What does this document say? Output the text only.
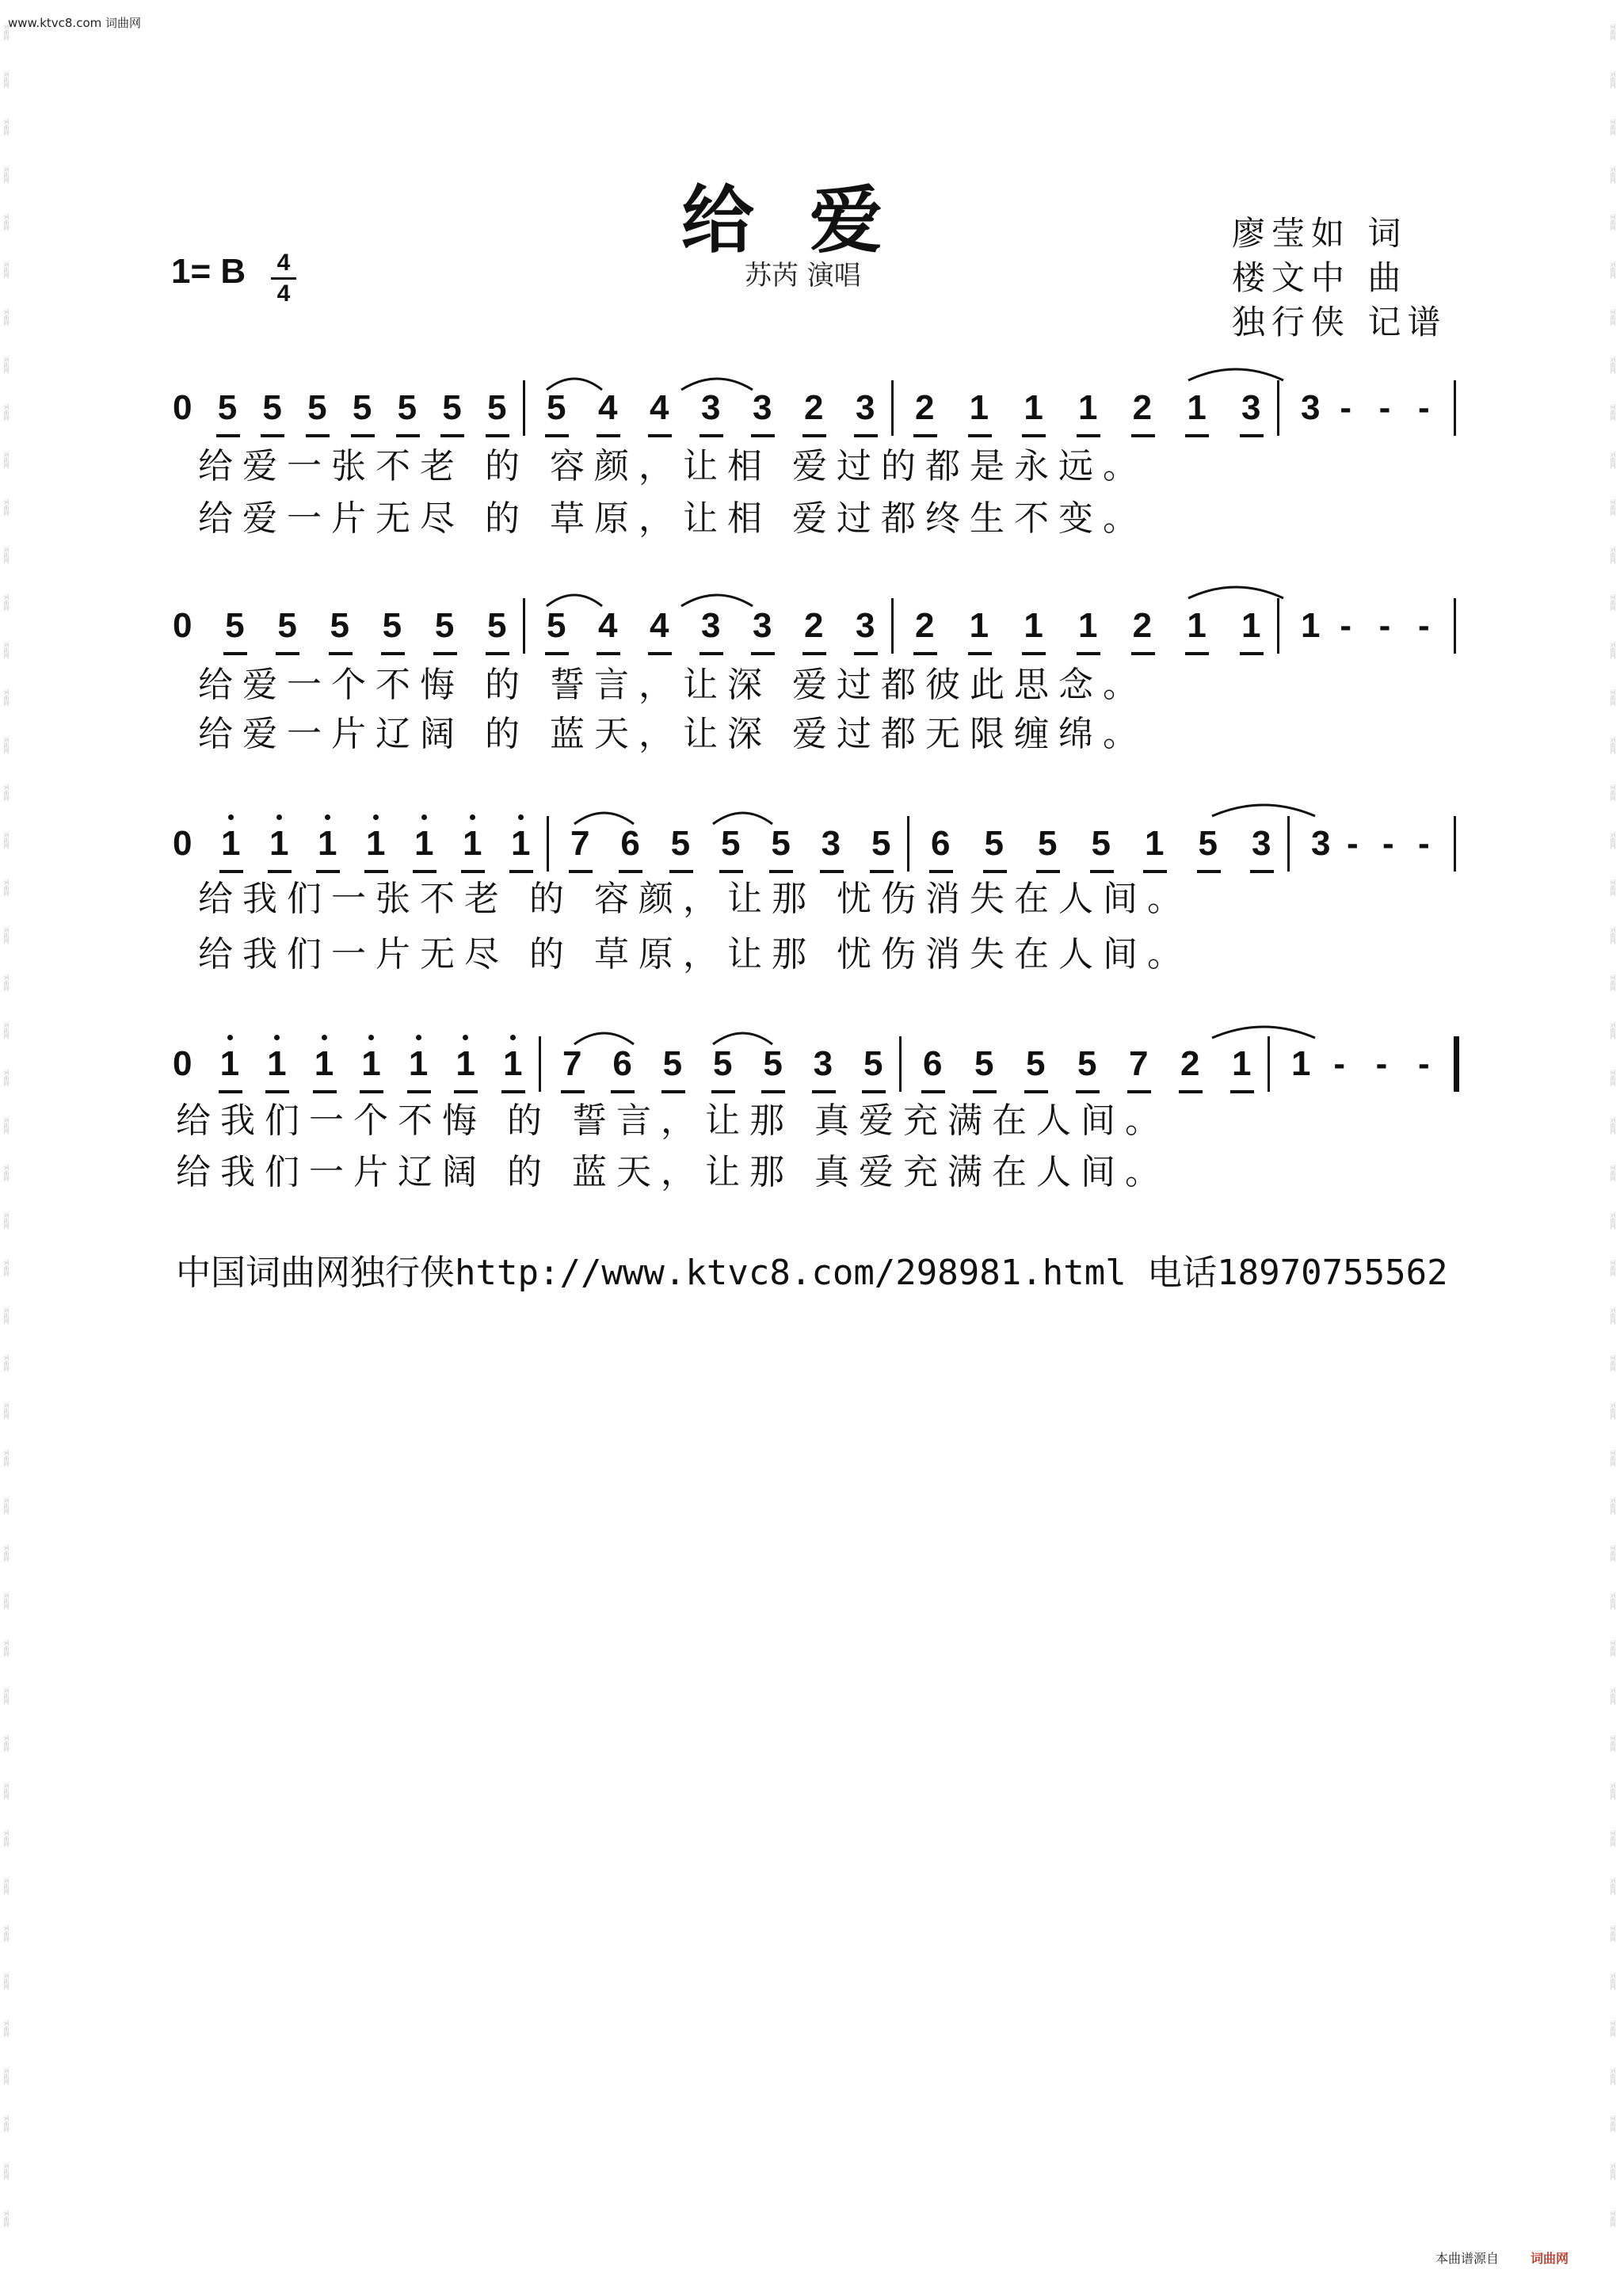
www.ktvc8.com 词曲网
词曲网
词曲网
词曲网
词曲网
词曲网
词曲网
词曲网
词曲网
词曲网
词曲网
词曲网
词曲网
词曲网
词曲网
词曲网
词曲网
词曲网
词曲网
词曲网
词曲网
词曲网
词曲网
词曲网
词曲网
词曲网
词曲网
词曲网
词曲网
词曲网
词曲网
词曲网
词曲网
词曲网
词曲网
词曲网
词曲网
词曲网
词曲网
词曲网
词曲网
词曲网
词曲网
词曲网
词曲网
词曲网
词曲网
词曲网
词曲网
词曲网
词曲网
词曲网
词曲网
词曲网
词曲网
词曲网
词曲网
词曲网
词曲网
词曲网
词曲网
词曲网
词曲网
词曲网
词曲网
词曲网
词曲网
词曲网
词曲网
词曲网
词曲网
词曲网
词曲网
词曲网
词曲网
词曲网
词曲网
词曲网
词曲网
词曲网
词曲网
词曲网
词曲网
词曲网
词曲网
词曲网
词曲网
词曲网
词曲网
词曲网
词曲网
词曲网
词曲网
词曲网
词曲网
给爱
苏芮 演唱
1= B 4
4
廖莹如 词
楼文中 曲
独行侠 记谱
0 5 5 5 5 5 5 5 5 4 4 3 3 2 3 2 1 1 1 2 1 3 3 - - -
给爱一张不老 的 容颜，让相 爱过的都是永远。
给爱一片无尽 的 草原，让相 爱过都终生不变。
0 5 5 5 5 5 5 5 4 4 3 3 2 3 2 1 1 1 2 1 1 1 - - -
给爱一个不悔 的 誓言，让深 爱过都彼此思念。
给爱一片辽阔 的 蓝天，让深 爱过都无限缠绵。
0 1 1 1 1 1 1 1 7 6 5 5 5 3 5 6 5 5 5 1 5 3 3 - - -
给我们一张不老 的 容颜，让那 忧伤消失在人间。
给我们一片无尽 的 草原，让那 忧伤消失在人间。
0 1 1 1 1 1 1 1 7 6 5 5 5 3 5 6 5 5 5 7 2 1 1 - - -
给我们一个不悔 的 誓言，让那 真爱充满在人间。
给我们一片辽阔 的 蓝天，让那 真爱充满在人间。
中国词曲网独行侠http://www.ktvc8.com/298981.html 电话18970755562
本曲谱源自	词曲网
